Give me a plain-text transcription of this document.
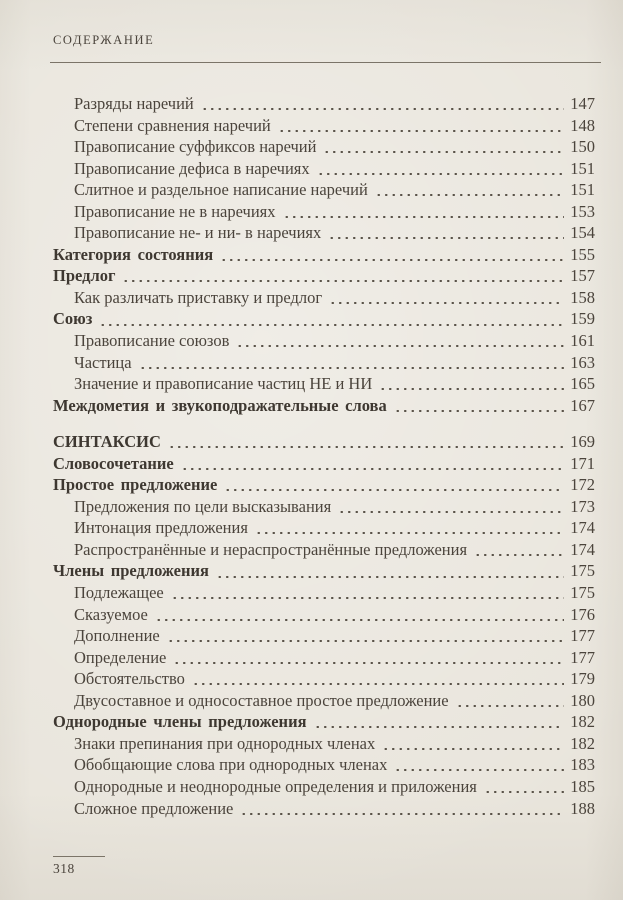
СОДЕРЖАНИЕ
Разряды наречий	147
Степени сравнения наречий	148
Правописание суффиксов наречий	150
Правописание дефиса в наречиях	151
Слитное и раздельное написание наречий	151
Правописание не в наречиях	153
Правописание не- и ни- в наречиях	154
Категория состояния	155
Предлог	157
Как различать приставку и предлог	158
Союз	159
Правописание союзов	161
Частица	163
Значение и правописание частиц НЕ и НИ	165
Междометия и звукоподражательные слова	167
СИНТАКСИС	169
Словосочетание	171
Простое предложение	172
Предложения по цели высказывания	173
Интонация предложения	174
Распространённые и нераспространённые предложения	174
Члены предложения	175
Подлежащее	175
Сказуемое	176
Дополнение	177
Определение	177
Обстоятельство	179
Двусоставное и односоставное простое предложение	180
Однородные члены предложения	182
Знаки препинания при однородных членах	182
Обобщающие слова при однородных членах	183
Однородные и неоднородные определения и приложения	185
Сложное предложение	188
318
